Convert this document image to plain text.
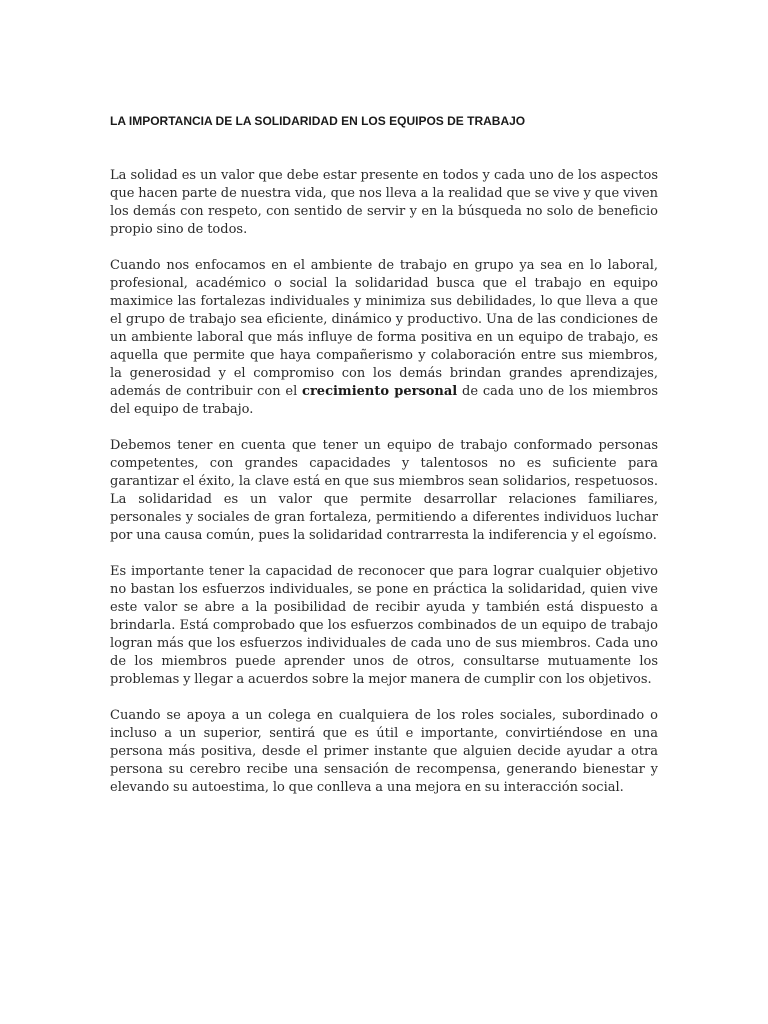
LA IMPORTANCIA DE LA SOLIDARIDAD EN LOS EQUIPOS DE TRABAJO

La solidad es un valor que debe estar presente en todos y cada uno de los aspectos que hacen parte de nuestra vida, que nos lleva a la realidad que se vive y que viven los demás con respeto, con sentido de servir y en la búsqueda no solo de beneficio propio sino de todos.

Cuando nos enfocamos en el ambiente de trabajo en grupo ya sea en lo laboral, profesional, académico o social la solidaridad busca que el trabajo en equipo maximice las fortalezas individuales y minimiza sus debilidades, lo que lleva a que el grupo de trabajo sea eficiente, dinámico y productivo. Una de las condiciones de un ambiente laboral que más influye de forma positiva en un equipo de trabajo, es aquella que permite que haya compañerismo y colaboración entre sus miembros, la generosidad y el compromiso con los demás brindan grandes aprendizajes, además de contribuir con el crecimiento personal de cada uno de los miembros del equipo de trabajo.

Debemos tener en cuenta que tener un equipo de trabajo conformado personas competentes, con grandes capacidades y talentosos no es suficiente para garantizar el éxito, la clave está en que sus miembros sean solidarios, respetuosos. La solidaridad es un valor que permite desarrollar relaciones familiares, personales y sociales de gran fortaleza, permitiendo a diferentes individuos luchar por una causa común, pues la solidaridad contrarresta la indiferencia y el egoísmo.

Es importante tener la capacidad de reconocer que para lograr cualquier objetivo no bastan los esfuerzos individuales, se pone en práctica la solidaridad, quien vive este valor se abre a la posibilidad de recibir ayuda y también está dispuesto a brindarla. Está comprobado que los esfuerzos combinados de un equipo de trabajo logran más que los esfuerzos individuales de cada uno de sus miembros. Cada uno de los miembros puede aprender unos de otros, consultarse mutuamente los problemas y llegar a acuerdos sobre la mejor manera de cumplir con los objetivos.

Cuando se apoya a un colega en cualquiera de los roles sociales, subordinado o incluso a un superior, sentirá que es útil e importante, convirtiéndose en una persona más positiva, desde el primer instante que alguien decide ayudar a otra persona su cerebro recibe una sensación de recompensa, generando bienestar y elevando su autoestima, lo que conlleva a una mejora en su interacción social.
